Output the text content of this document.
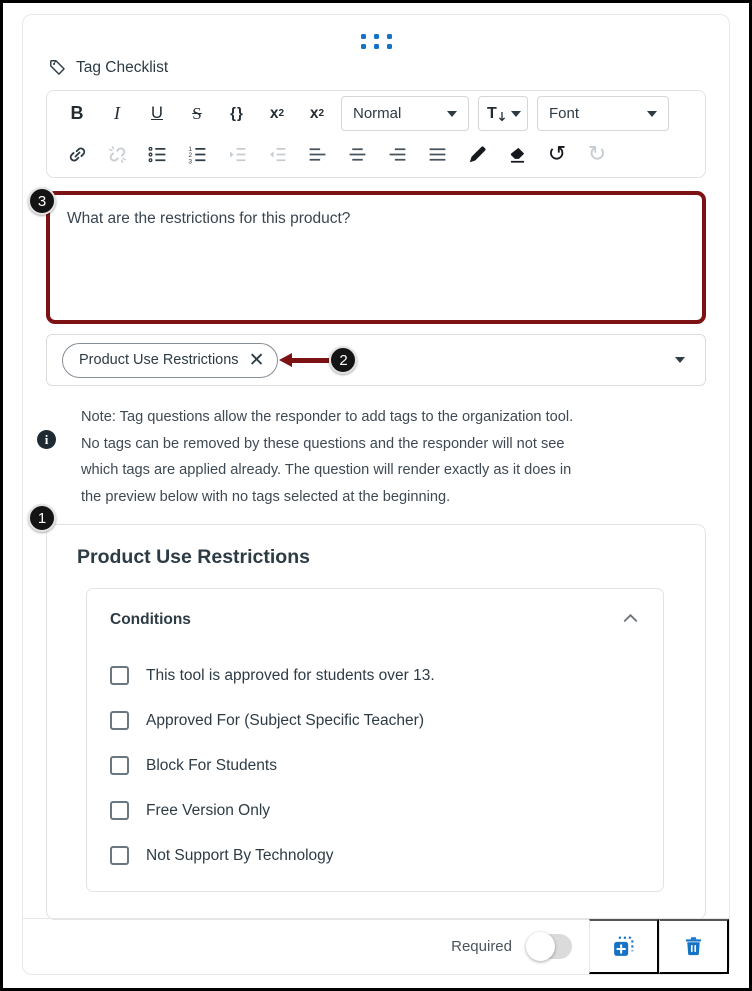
3
1
Tag Checklist
B	I	U	S	{}	x 2 x 2 Normal	T	Font
1
2
3	↺ ↻
What are the restrictions for this product?
Product Use Restrictions ✕	2
i

Note: Tag questions allow the responder to add tags to the organization tool. No tags can be removed by these questions and the responder will not see which tags are applied already. The question will render exactly as it does in the preview below with no tags selected at the beginning.

Product Use Restrictions
Conditions
This tool is approved for students over 13.
Approved For (Subject Specific Teacher)
Block For Students
Free Version Only
Not Support By Technology
Required
